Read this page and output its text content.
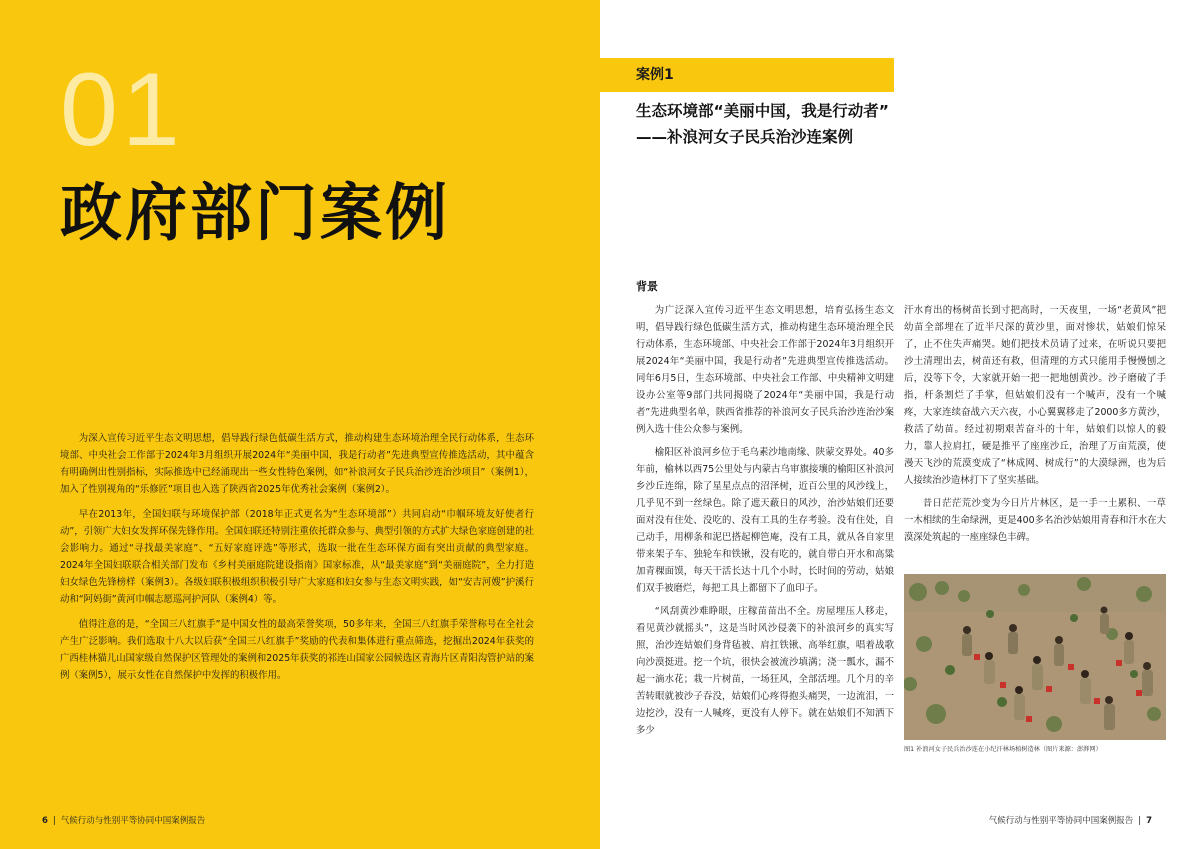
01
政府部门案例

为深入宣传习近平生态文明思想，倡导践行绿色低碳生活方式，推动构建生态环境治理全民行动体系，生态环境部、中央社会工作部于2024年3月组织开展2024年“美丽中国，我是行动者”先进典型宣传推选活动，其中蕴含有明确例出性别指标，实际推选中已经涌现出一些女性特色案例，如“补浪河女子民兵治沙连治沙项目”（案例1），加入了性别视角的“乐修匠”项目也入选了陕西省2025年优秀社会案例（案例2）。

早在2013年，全国妇联与环境保护部（2018年正式更名为“生态环境部”）共同启动“巾帼环境友好使者行动”，引领广大妇女发挥环保先锋作用。全国妇联还特别注重依托群众参与、典型引领的方式扩大绿色家庭创建的社会影响力。通过“寻找最美家庭”、“五好家庭评选”等形式，选取一批在生态环保方面有突出贡献的典型家庭。2024年全国妇联联合相关部门发布《乡村美丽庭院建设指南》国家标准，从“最美家庭”到“美丽庭院”，全力打造妇女绿色先锋榜样（案例3）。各级妇联积极组织积极引导广大家庭和妇女参与生态文明实践，如“安吉河嫂”护溪行动和“阿妈街”黄河巾帼志愿巡河护河队（案例4）等。

值得注意的是，“全国三八红旗手”是中国女性的最高荣誉奖项，50多年来，全国三八红旗手荣誉称号在全社会产生广泛影响。我们选取十八大以后获“全国三八红旗手”奖励的代表和集体进行重点筛选，挖掘出2024年获奖的广西桂林猫儿山国家级自然保护区管理处的案例和2025年获奖的祁连山国家公园候选区青海片区青阳沟管护站的案例（案例5），展示女性在自然保护中发挥的积极作用。

6 | 气候行动与性别平等协同中国案例报告
案例1
生态环境部“美丽中国，我是行动者”
——补浪河女子民兵治沙连案例
背景

为广泛深入宣传习近平生态文明思想，培育弘扬生态文明，倡导践行绿色低碳生活方式，推动构建生态环境治理全民行动体系，生态环境部、中央社会工作部于2024年3月组织开展2024年“美丽中国，我是行动者”先进典型宣传推选活动。同年6月5日，生态环境部、中央社会工作部、中央精神文明建设办公室等9部门共同揭晓了2024年“美丽中国，我是行动者”先进典型名单，陕西省推荐的补浪河女子民兵治沙连治沙案例入选十佳公众参与案例。

榆阳区补浪河乡位于毛乌素沙地南缘、陕蒙交界处。40多年前，榆林以西75公里处与内蒙古乌审旗接壤的榆阳区补浪河乡沙丘连绵，除了星星点点的沼泽树，近百公里的风沙线上，几乎见不到一丝绿色。除了遮天蔽日的风沙，治沙姑娘们还要面对没有住处、没吃的、没有工具的生存考验。没有住处，自己动手，用柳条和泥巴搭起柳笆庵，没有工具，就从各自家里带来架子车、独轮车和铁锹，没有吃的，就自带白开水和高粱加青稞面馍，每天干活长达十几个小时，长时间的劳动，姑娘们双手被磨烂，每把工具上都留下了血印子。

“风刮黄沙难睁眼，庄稼苗苗出不全。房屋埋压人移走，看见黄沙就摇头”，这是当时风沙侵袭下的补浪河乡的真实写照，治沙连姑娘们身背毡被、肩扛铁锹、高举红旗，唱着战歌向沙漠挺进。挖一个坑，很快会被流沙填满；浇一瓢水，漏不起一滴水花；栽一片树苗，一场狂风，全部活埋。几个月的辛苦转眼就被沙子吞没，姑娘们心疼得抱头痛哭，一边流泪，一边挖沙，没有一人喊疼，更没有人停下。就在姑娘们不知洒下多少

汗水育出的杨树苗长到寸把高时，一天夜里，一场“老黄风”把幼苗全部埋在了近半尺深的黄沙里，面对惨状，姑娘们惊呆了，止不住失声痛哭。她们把技术员请了过来，在听说只要把沙土清理出去，树苗还有救，但清理的方式只能用手慢慢刨之后，没等下令，大家就开始一把一把地刨黄沙。沙子磨破了手指，杆条割烂了手掌，但姑娘们没有一个喊声，没有一个喊疼，大家连续奋战六天六夜，小心翼翼移走了2000多方黄沙，救活了幼苗。经过初期艰苦奋斗的十年，姑娘们以惊人的毅力，靠人拉肩扛，硬是推平了座座沙丘，治理了万亩荒漠，使漫天飞沙的荒漠变成了“林成网、树成行”的大漠绿洲，也为后人接续治沙造林打下了坚实基础。

昔日茫茫荒沙变为今日片片林区，是一手一土累积、一草一木相续的生命绿洲，更是400多名治沙姑娘用青春和汗水在大漠深处筑起的一座座绿色丰碑。

图1 补浪河女子民兵治沙连在小纪汗林场植树造林（图片来源：澎湃网）
气候行动与性别平等协同中国案例报告 | 7
